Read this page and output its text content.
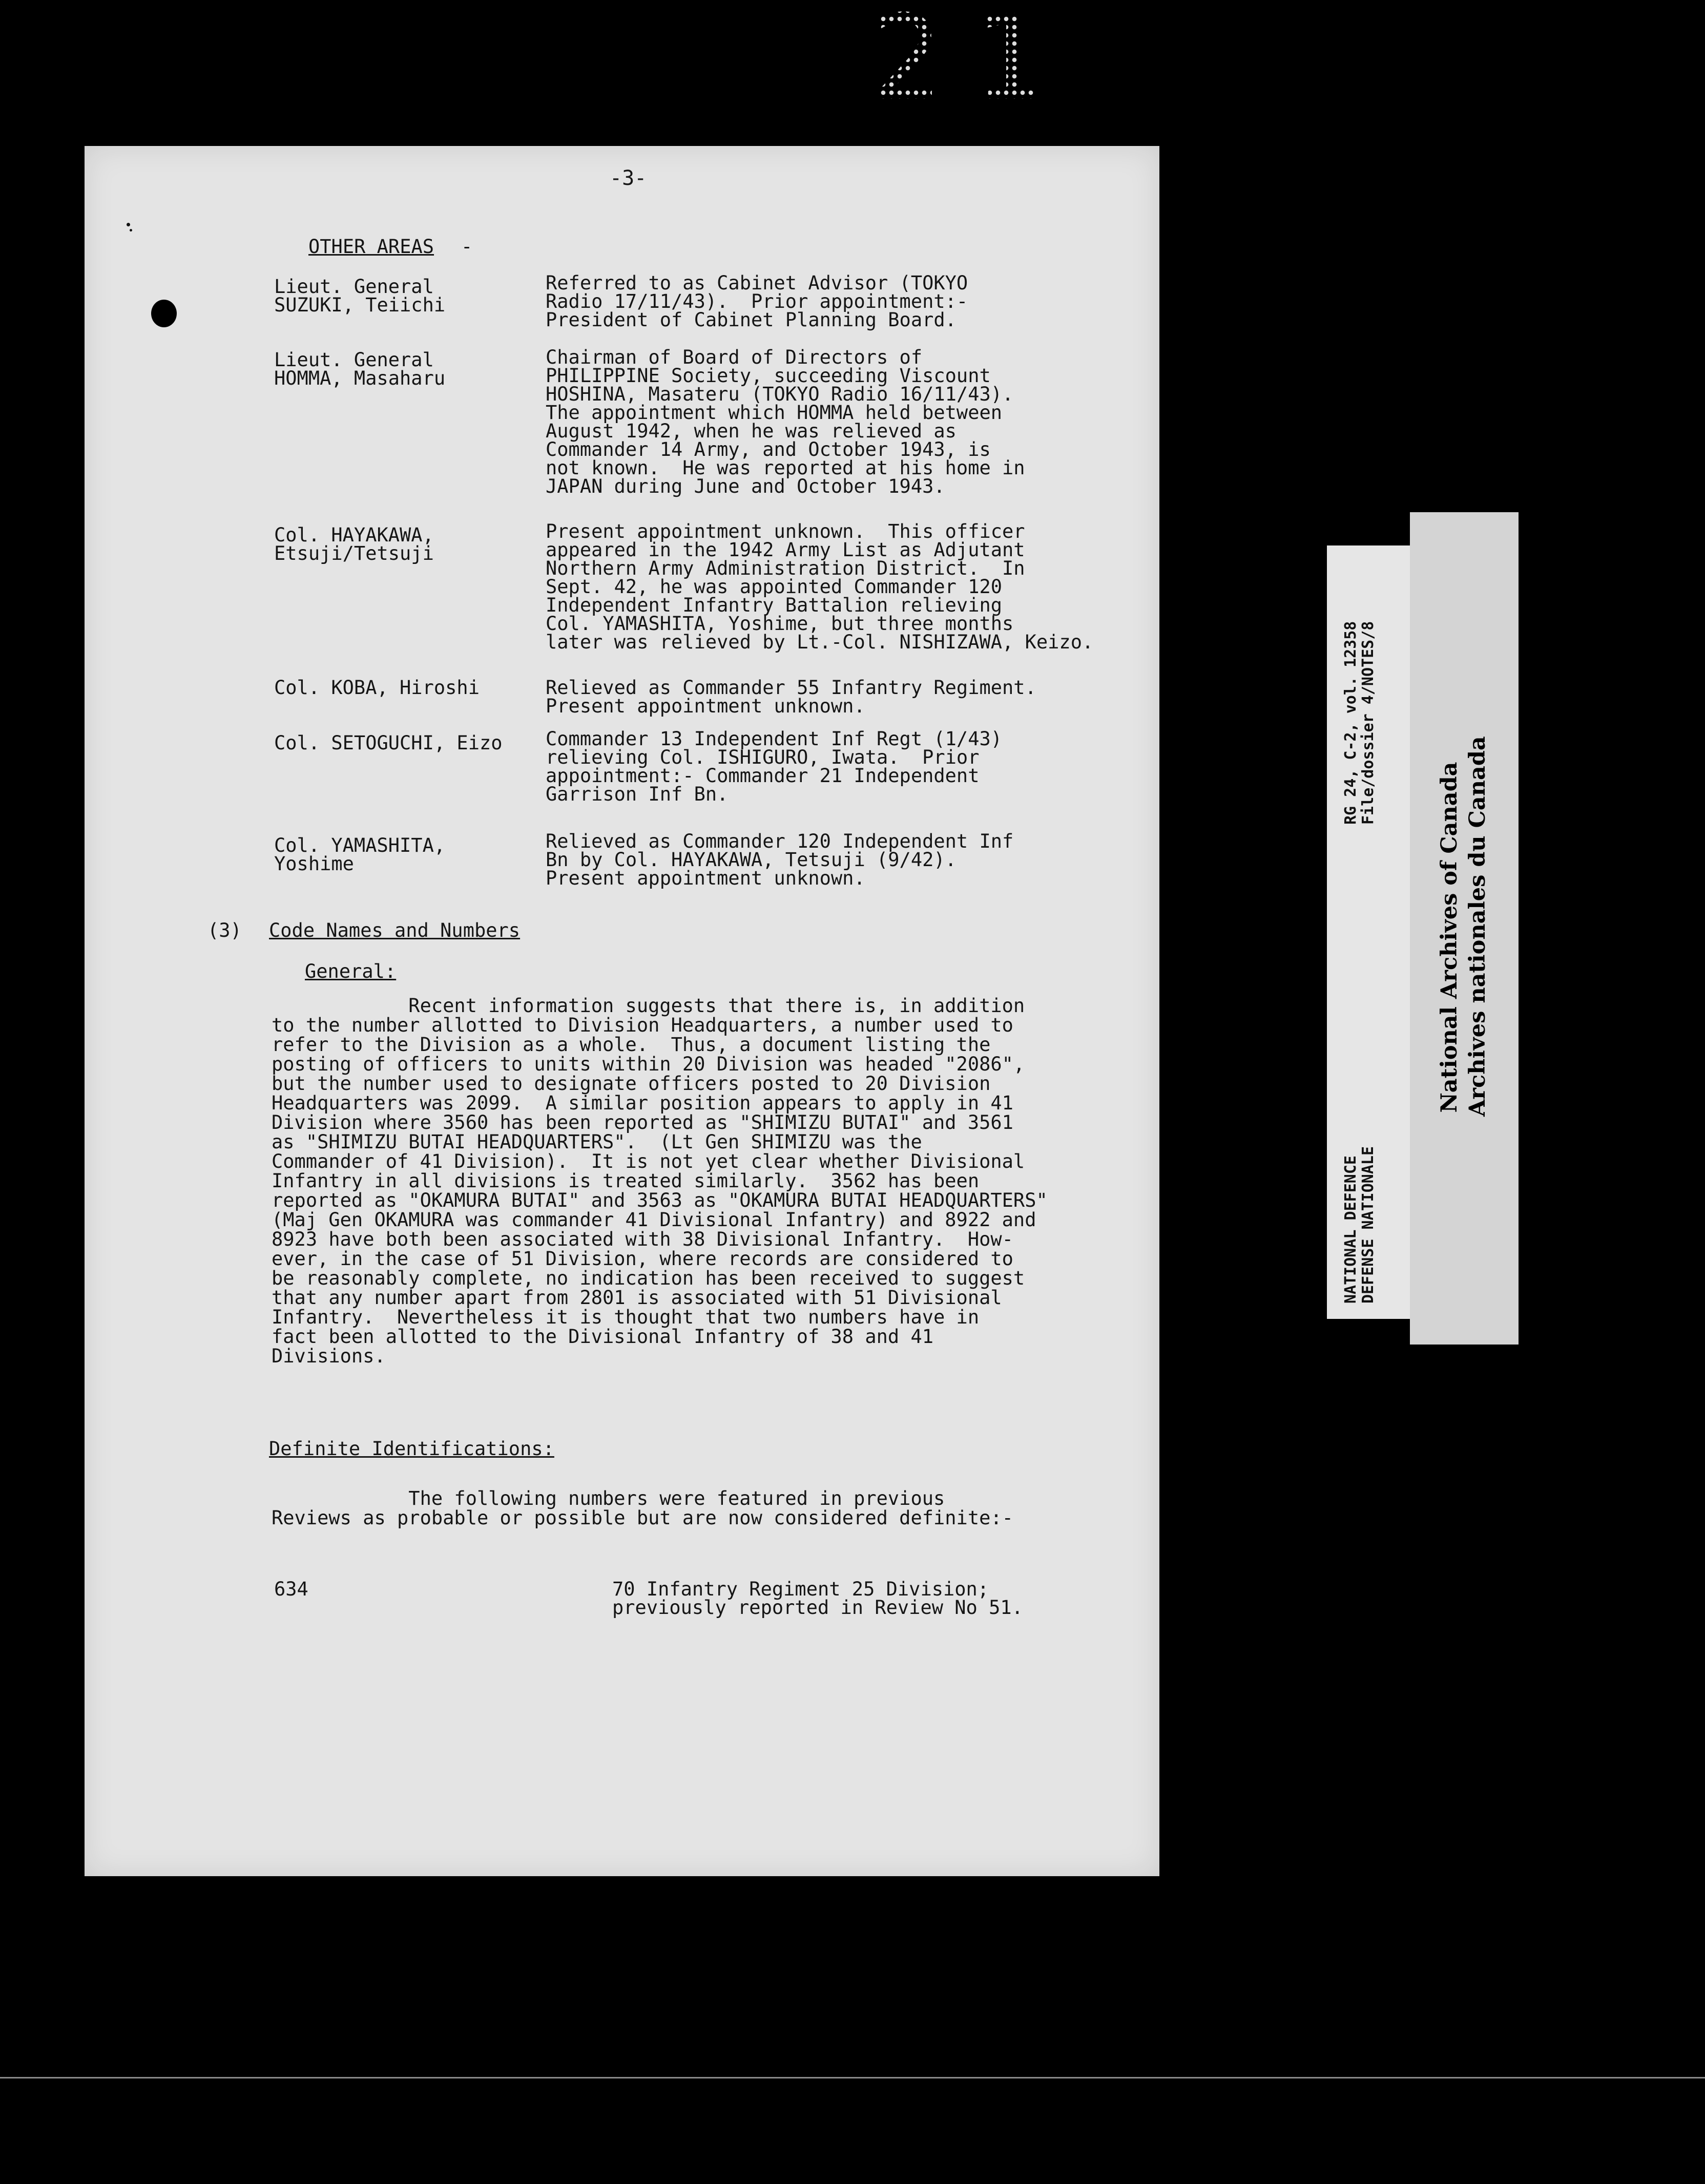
21
-3-
OTHER AREAS -
Lieut. General
SUZUKI, Teiichi
Referred to as Cabinet Advisor (TOKYO
Radio 17/11/43).  Prior appointment:-
President of Cabinet Planning Board.
Lieut. General
HOMMA, Masaharu
Chairman of Board of Directors of
PHILIPPINE Society, succeeding Viscount
HOSHINA, Masateru (TOKYO Radio 16/11/43).
The appointment which HOMMA held between
August 1942, when he was relieved as
Commander 14 Army, and October 1943, is
not known.  He was reported at his home in
JAPAN during June and October 1943.
Col. HAYAKAWA,
Etsuji/Tetsuji
Present appointment unknown.  This officer
appeared in the 1942 Army List as Adjutant
Northern Army Administration District.  In
Sept. 42, he was appointed Commander 120
Independent Infantry Battalion relieving
Col. YAMASHITA, Yoshime, but three months
later was relieved by Lt.-Col. NISHIZAWA, Keizo.
Col. KOBA, Hiroshi	Relieved as Commander 55 Infantry Regiment.
Present appointment unknown.
Col. SETOGUCHI, Eizo Commander 13 Independent Inf Regt (1/43)
relieving Col. ISHIGURO, Iwata.  Prior
appointment:- Commander 21 Independent
Garrison Inf Bn.
Col. YAMASHITA,
Yoshime
Relieved as Commander 120 Independent Inf
Bn by Col. HAYAKAWA, Tetsuji (9/42).
Present appointment unknown.
(3) Code Names and Numbers
General:
Recent information suggests that there is, in addition
to the number allotted to Division Headquarters, a number used to
refer to the Division as a whole.  Thus, a document listing the
posting of officers to units within 20 Division was headed "2086",
but the number used to designate officers posted to 20 Division
Headquarters was 2099.  A similar position appears to apply in 41
Division where 3560 has been reported as "SHIMIZU BUTAI" and 3561
as "SHIMIZU BUTAI HEADQUARTERS".  (Lt Gen SHIMIZU was the
Commander of 41 Division).  It is not yet clear whether Divisional
Infantry in all divisions is treated similarly.  3562 has been
reported as "OKAMURA BUTAI" and 3563 as "OKAMURA BUTAI HEADQUARTERS"
(Maj Gen OKAMURA was commander 41 Divisional Infantry) and 8922 and
8923 have both been associated with 38 Divisional Infantry.  How-
ever, in the case of 51 Division, where records are considered to
be reasonably complete, no indication has been received to suggest
that any number apart from 2801 is associated with 51 Divisional
Infantry.  Nevertheless it is thought that two numbers have in
fact been allotted to the Divisional Infantry of 38 and 41
Divisions.
Definite Identifications:
The following numbers were featured in previous
Reviews as probable or possible but are now considered definite:-
634	70 Infantry Regiment 25 Division;
previously reported in Review No 51.
NATIONAL DEFENCE DEFENSE NATIONALE
RG 24, C-2, vol. 12358 File/dossier 4/NOTES/8
National Archives of Canada Archives nationales du Canada
